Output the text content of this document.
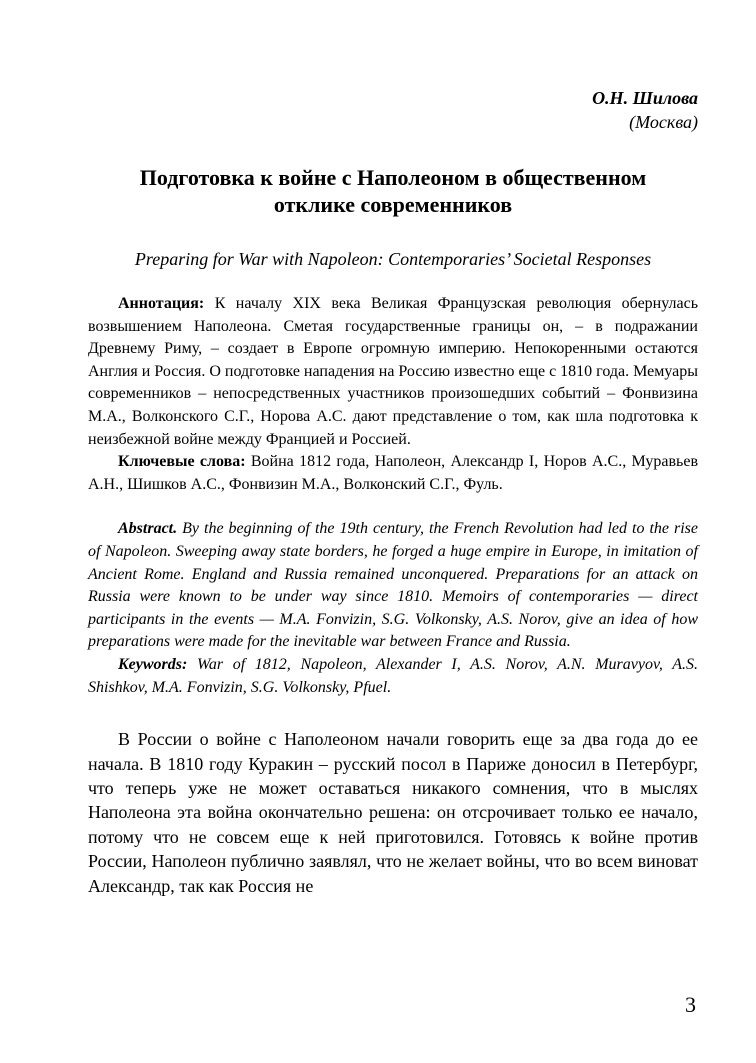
О.Н. Шилова
(Москва)
Подготовка к войне с Наполеоном в общественном
отклике современников
Preparing for War with Napoleon: Contemporaries’ Societal Responses

Аннотация: К началу XIX века Великая Французская революция обернулась возвышением Наполеона. Сметая государственные границы он, – в подражании Древнему Риму, – создает в Европе огромную империю. Непокоренными остаются Англия и Россия. О подготовке нападения на Россию известно еще с 1810 года. Мемуары современников – непосредственных участников произошедших событий – Фонвизина М.А., Волконского С.Г., Норова А.С. дают представление о том, как шла подготовка к неизбежной войне между Францией и Россией.

Ключевые слова: Война 1812 года, Наполеон, Александр I, Норов А.С., Муравьев А.Н., Шишков А.С., Фонвизин М.А., Волконский С.Г., Фуль.

Abstract. By the beginning of the 19th century, the French Revolution had led to the rise of Napoleon. Sweeping away state borders, he forged a huge empire in Europe, in imitation of Ancient Rome. England and Russia remained unconquered. Preparations for an attack on Russia were known to be under way since 1810. Memoirs of contemporaries — direct participants in the events — M.A. Fonvizin, S.G. Volkonsky, A.S. Norov, give an idea of how preparations were made for the inevitable war between France and Russia.

Keywords: War of 1812, Napoleon, Alexander I, A.S. Norov, A.N. Muravyov, A.S. Shishkov, M.A. Fonvizin, S.G. Volkonsky, Pfuel.

В России о войне с Наполеоном начали говорить еще за два года до ее начала. В 1810 году Куракин – русский посол в Париже доносил в Петербург, что теперь уже не может оставаться никакого сомнения, что в мыслях Наполеона эта война окончательно решена: он отсрочивает только ее начало, потому что не совсем еще к ней приготовился. Готовясь к войне против России, Наполеон публично заявлял, что не желает войны, что во всем виноват Александр, так как Россия не

3
